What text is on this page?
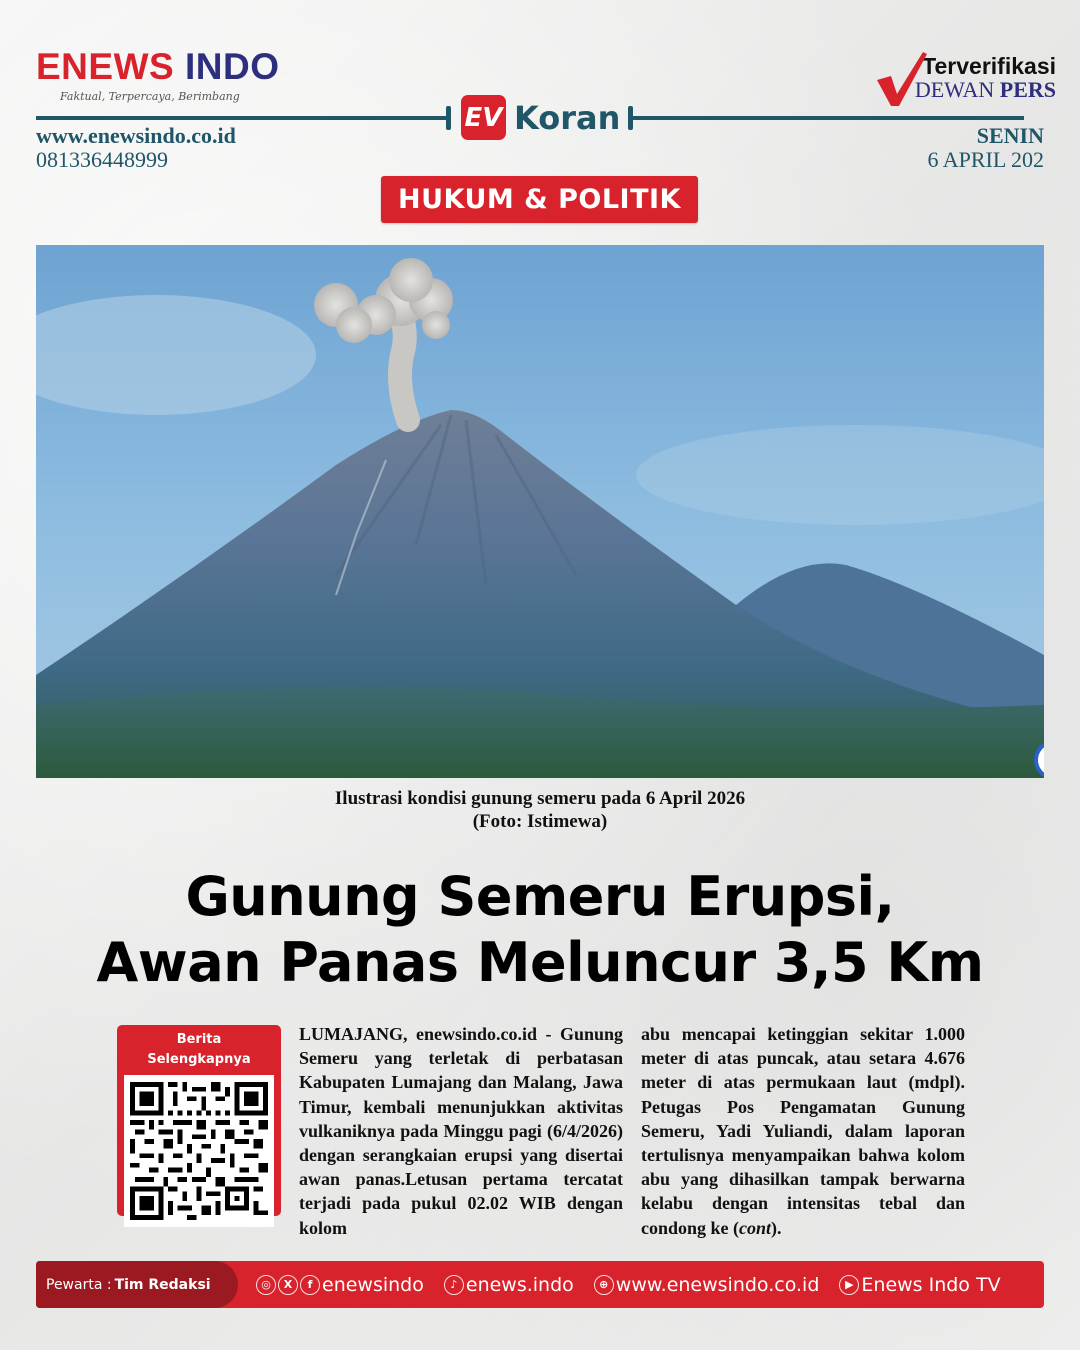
ENEWS INDO
Faktual, Terpercaya, Berimbang
www.enewsindo.co.id
081336448999
EV Koran
Terverifikasi
DEWAN PERS
SENIN
6 APRIL 202
HUKUM & POLITIK
Ilustrasi kondisi gunung semeru pada 6 April 2026
(Foto: Istimewa)
Gunung Semeru Erupsi,
Awan Panas Meluncur 3,5 Km
Berita Selengkapnya

LUMAJANG, enewsindo.co.id - Gunung Semeru yang terletak di perbatasan Kabupaten Lumajang dan Malang, Jawa Timur, kembali menunjukkan aktivitas vulkaniknya pada Minggu pagi (6/4/2026) dengan serangkaian erupsi yang disertai awan panas.Letusan pertama tercatat terjadi pada pukul 02.02 WIB dengan kolom

abu mencapai ketinggian sekitar 1.000 meter di atas puncak, atau setara 4.676 meter di atas permukaan laut (mdpl). Petugas Pos Pengamatan Gunung Semeru, Yadi Yuliandi, dalam laporan tertulisnya menyampaikan bahwa kolom abu yang dihasilkan tampak berwarna kelabu dengan intensitas tebal dan condong ke (cont).

Pewarta : Tim Redaksi	◎	X	f enewsindo	♪ enews.indo	⊕ www.enewsindo.co.id	▶ Enews Indo TV
